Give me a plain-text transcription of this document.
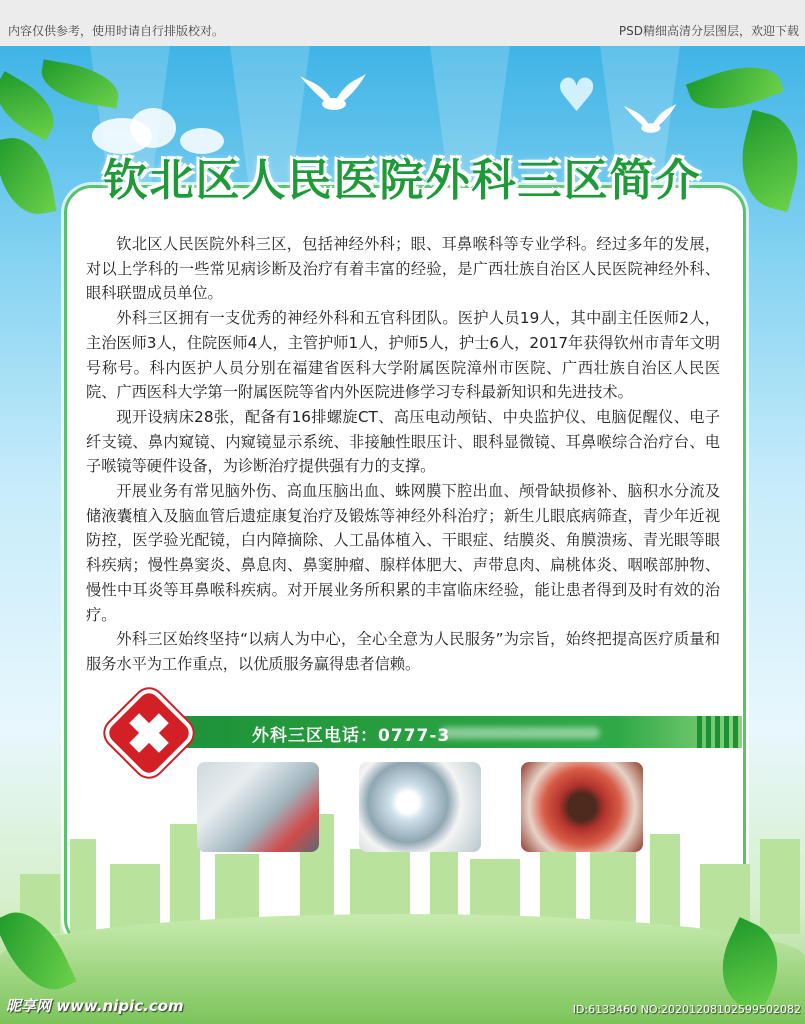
内容仅供参考，使用时请自行排版校对。	PSD精细高清分层图层，欢迎下载
♥
钦北区人民医院外科三区简介

钦北区人民医院外科三区，包括神经外科；眼、耳鼻喉科等专业学科。经过多年的发展，对以上学科的一些常见病诊断及治疗有着丰富的经验，是广西壮族自治区人民医院神经外科、眼科联盟成员单位。

外科三区拥有一支优秀的神经外科和五官科团队。医护人员19人，其中副主任医师2人，主治医师3人，住院医师4人，主管护师1人，护师5人，护士6人，2017年获得钦州市青年文明号称号。科内医护人员分别在福建省医科大学附属医院漳州市医院、广西壮族自治区人民医院、广西医科大学第一附属医院等省内外医院进修学习专科最新知识和先进技术。

现开设病床28张，配备有16排螺旋CT、高压电动颅钻、中央监护仪、电脑促醒仪、电子纤支镜、鼻内窥镜、内窥镜显示系统、非接触性眼压计、眼科显微镜、耳鼻喉综合治疗台、电子喉镜等硬件设备，为诊断治疗提供强有力的支撑。

开展业务有常见脑外伤、高血压脑出血、蛛网膜下腔出血、颅骨缺损修补、脑积水分流及储液囊植入及脑血管后遗症康复治疗及锻炼等神经外科治疗；新生儿眼底病筛查，青少年近视防控，医学验光配镜，白内障摘除、人工晶体植入、干眼症、结膜炎、角膜溃疡、青光眼等眼科疾病；慢性鼻窦炎、鼻息肉、鼻窦肿瘤、腺样体肥大、声带息肉、扁桃体炎、咽喉部肿物、慢性中耳炎等耳鼻喉科疾病。对开展业务所积累的丰富临床经验，能让患者得到及时有效的治疗。

外科三区始终坚持“以病人为中心，全心全意为人民服务”为宗旨，始终把提高医疗质量和服务水平为工作重点，以优质服务赢得患者信赖。

外科三区电话：0777-3
昵享网 www.nipic.com	ID:6133460 NO:20201208102599502082
